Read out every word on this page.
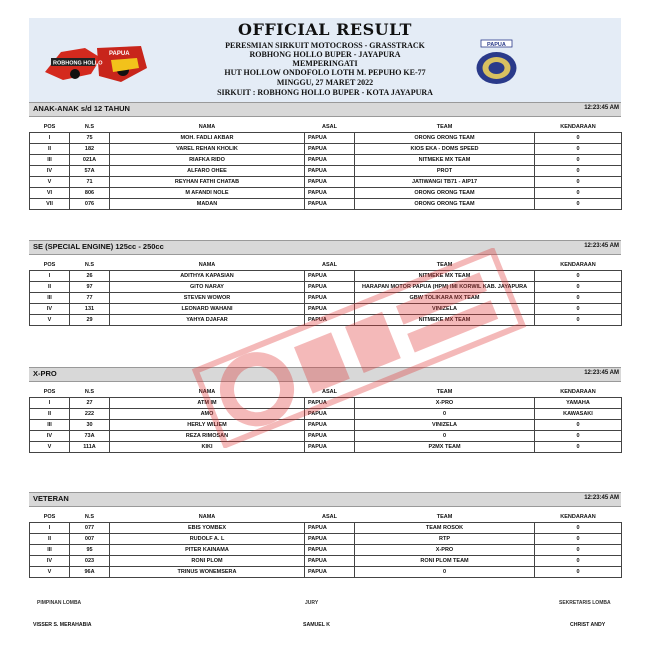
OFFICIAL RESULT
ROBHONG HOLLO
PAPUA
PERESMIAN SIRKUIT MOTOCROSS - GRASSTRACK
ROBHONG HOLLO BUPER - JAYAPURA
MEMPERINGATI
HUT HOLLOW ONDOFOLO LOTH M. PEPUHO KE-77
MINGGU, 27 MARET 2022
SIRKUIT : ROBHONG HOLLO BUPER - KOTA JAYAPURA
PAPUA
ANAK-ANAK s/d 12 TAHUN	12:23:45 AM
POS	N.S	NAMA	ASAL	TEAM	KENDARAAN
I	75	MOH. FADLI AKBAR	PAPUA	ORONG ORONG TEAM	0
II	182	VAREL REHAN KHOLIK	PAPUA	KIOS EKA - DOMS SPEED	0
III	021A	RIAFKA RIDO	PAPUA	NITMEKE MX TEAM	0
IV	57A	ALFARO OHEE	PAPUA	PROT	0
V	71	REYHAN FATHI CHATAB	PAPUA	JATIWANGI TB71 - AIP17	0
VI	806	M AFANDI NOLE	PAPUA	ORONG ORONG TEAM	0
VII	076	MADAN	PAPUA	ORONG ORONG TEAM	0
SE (SPECIAL ENGINE) 125cc - 250cc	12:23:45 AM
POS	N.S	NAMA	ASAL	TEAM	KENDARAAN
I	26	ADITHYA KAPASIAN	PAPUA	NITMEKE MX TEAM	0
II	97	GITO NARAY	PAPUA	HARAPAN MOTOR PAPUA (HPM) IMI KORWIL KAB. JAYAPURA	0
III	77	STEVEN WOWOR	PAPUA	GBW TOLIKARA MX TEAM	0
IV	131	LEONARD WAHANI	PAPUA	VINIZELA	0
V	29	YAHYA DJAFAR	PAPUA	NITMEKE MX TEAM	0
X-PRO	12:23:45 AM
POS	N.S	NAMA	ASAL	TEAM	KENDARAAN
I	27	ATM IM	PAPUA	X-PRO	YAMAHA
II	222	AMO	PAPUA	0	KAWASAKI
III	30	HERLY WILIEM	PAPUA	VINIZELA	0
IV	73A	REZA RIMOSAN	PAPUA	0	0
V	111A	KIKI	PAPUA	P2MX TEAM	0
VETERAN	12:23:45 AM
POS	N.S	NAMA	ASAL	TEAM	KENDARAAN
I	077	EBIS YOMBEX	PAPUA	TEAM ROSOK	0
II	007	RUDOLF A. L	PAPUA	RTP	0
III	95	PITER KAINAMA	PAPUA	X-PRO	0
IV	023	RONI PLOM	PAPUA	RONI PLOM TEAM	0
V	96A	TRINUS WONEMSERA	PAPUA	0	0
PIMPINAN LOMBA	JURY	SEKRETARIS LOMBA
VISSER S. MERAHABIA	SAMUEL K	CHRIST ANDY
